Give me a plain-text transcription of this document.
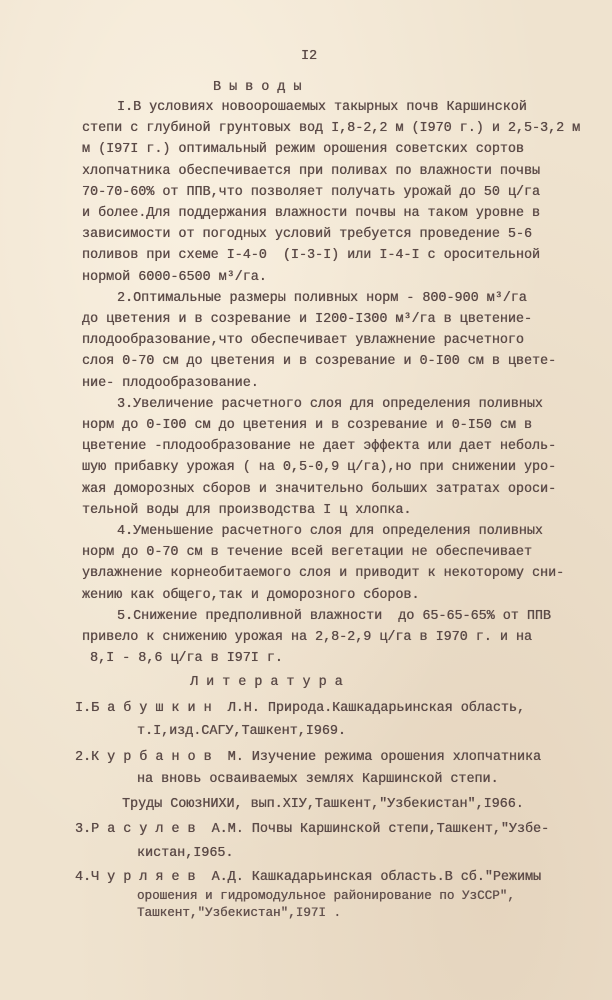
I2
В ы в о д ы
I.В условиях новоорошаемых такырных почв Каршинской
степи с глубиной грунтовых вод I,8-2,2 м (I970 г.) и 2,5-3,2 м
м (I97I г.) оптимальный режим орошения советских сортов
хлопчатника обеспечивается при поливах по влажности почвы
70-70-60% от ППВ,что позволяет получать урожай до 50 ц/га
и более.Для поддержания влажности почвы на таком уровне в
зависимости от погодных условий требуется проведение 5-6
поливов при схеме I-4-0  (I-3-I) или I-4-I с оросительной
нормой 6000-6500 м³/га.
2.Оптимальные размеры поливных норм - 800-900 м³/га
до цветения и в созревание и I200-I300 м³/га в цветение-
плодообразование,что обеспечивает увлажнение расчетного
слоя 0-70 см до цветения и в созревание и 0-I00 см в цвете-
ние- плодообразование.
3.Увеличение расчетного слоя для определения поливных
норм до 0-I00 см до цветения и в созревание и 0-I50 см в
цветение -плодообразование не дает эффекта или дает неболь-
шую прибавку урожая ( на 0,5-0,9 ц/га),но при снижении уро-
жая доморозных сборов и значительно больших затратах ороси-
тельной воды для производства I ц хлопка.
4.Уменьшение расчетного слоя для определения поливных
норм до 0-70 см в течение всей вегетации не обеспечивает
увлажнение корнеобитаемого слоя и приводит к некоторому сни-
жению как общего,так и доморозного сборов.
5.Снижение предполивной влажности  до 65-65-65% от ППВ
привело к снижению урожая на 2,8-2,9 ц/га в I970 г. и на
8,I - 8,6 ц/га в I97I г.
Л и т е р а т у р а
I.Б а б у ш к и н  Л.Н. Природа.Кашкадарьинская область,
т.I,изд.САГУ,Ташкент,I969.
2.К у р б а н о в  М. Изучение режима орошения хлопчатника
на вновь осваиваемых землях Каршинской степи.
Труды СоюзНИХИ, вып.XIУ,Ташкент,"Узбекистан",I966.
3.Р а с у л е в  А.М. Почвы Каршинской степи,Ташкент,"Узбе-
кистан,I965.
4.Ч у р л я е в  А.Д. Кашкадарьинская область.В сб."Режимы
орошения и гидромодульное районирование по УзССР",
Ташкент,"Узбекистан",I97I .
